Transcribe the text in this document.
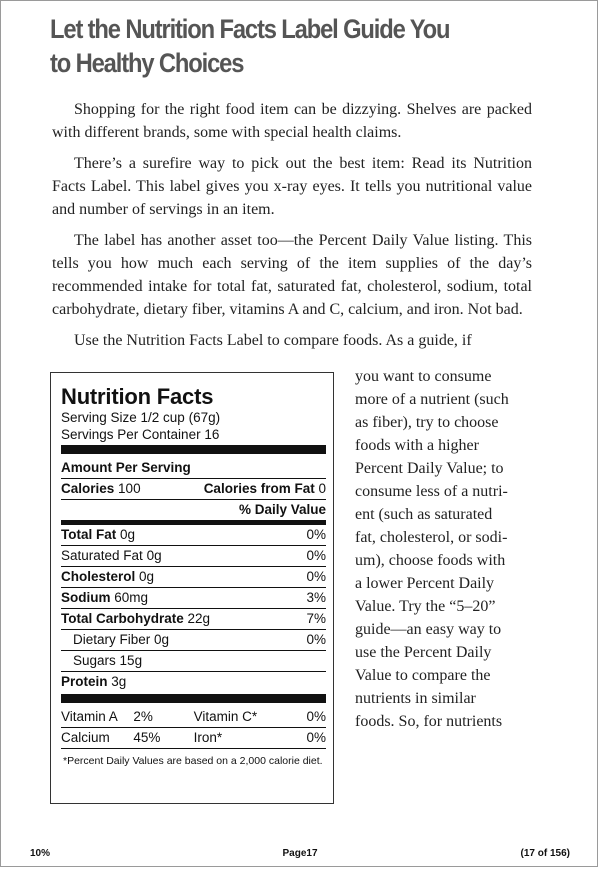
Let the Nutrition Facts Label Guide You
to Healthy Choices

Shopping for the right food item can be dizzying. Shelves are packed with different brands, some with special health claims.

There’s a surefire way to pick out the best item: Read its Nutrition Facts Label. This label gives you x-ray eyes. It tells you nutritional value and number of servings in an item.

The label has another asset too—the Percent Daily Value listing. This tells you how much each serving of the item supplies of the day’s recommended intake for total fat, saturated fat, cholesterol, sodium, total carbohydrate, dietary fiber, vitamins A and C, calcium, and iron. Not bad.

Use the Nutrition Facts Label to compare foods. As a guide, if

you want to consume
more of a nutrient (such
as fiber), try to choose
foods with a higher
Percent Daily Value; to
consume less of a nutri-
ent (such as saturated
fat, cholesterol, or sodi-
um), choose foods with
a lower Percent Daily
Value. Try the “5–20”
guide—an easy way to
use the Percent Daily
Value to compare the
nutrients in similar
foods. So, for nutrients
Nutrition Facts
Serving Size 1/2 cup (67g)
Servings Per Container 16
Amount Per Serving
Calories 100	Calories from Fat 0
% Daily Value
Total Fat 0g	0%
Saturated Fat 0g	0%
Cholesterol 0g	0%
Sodium 60mg	3%
Total Carbohydrate 22g	7%
Dietary Fiber 0g	0%
Sugars 15g
Protein 3g
Vitamin A	2%	Vitamin C*	0%
Calcium	45%	Iron*	0%
*Percent Daily Values are based on a 2,000 calorie diet.
10%	Page17	(17 of 156)
